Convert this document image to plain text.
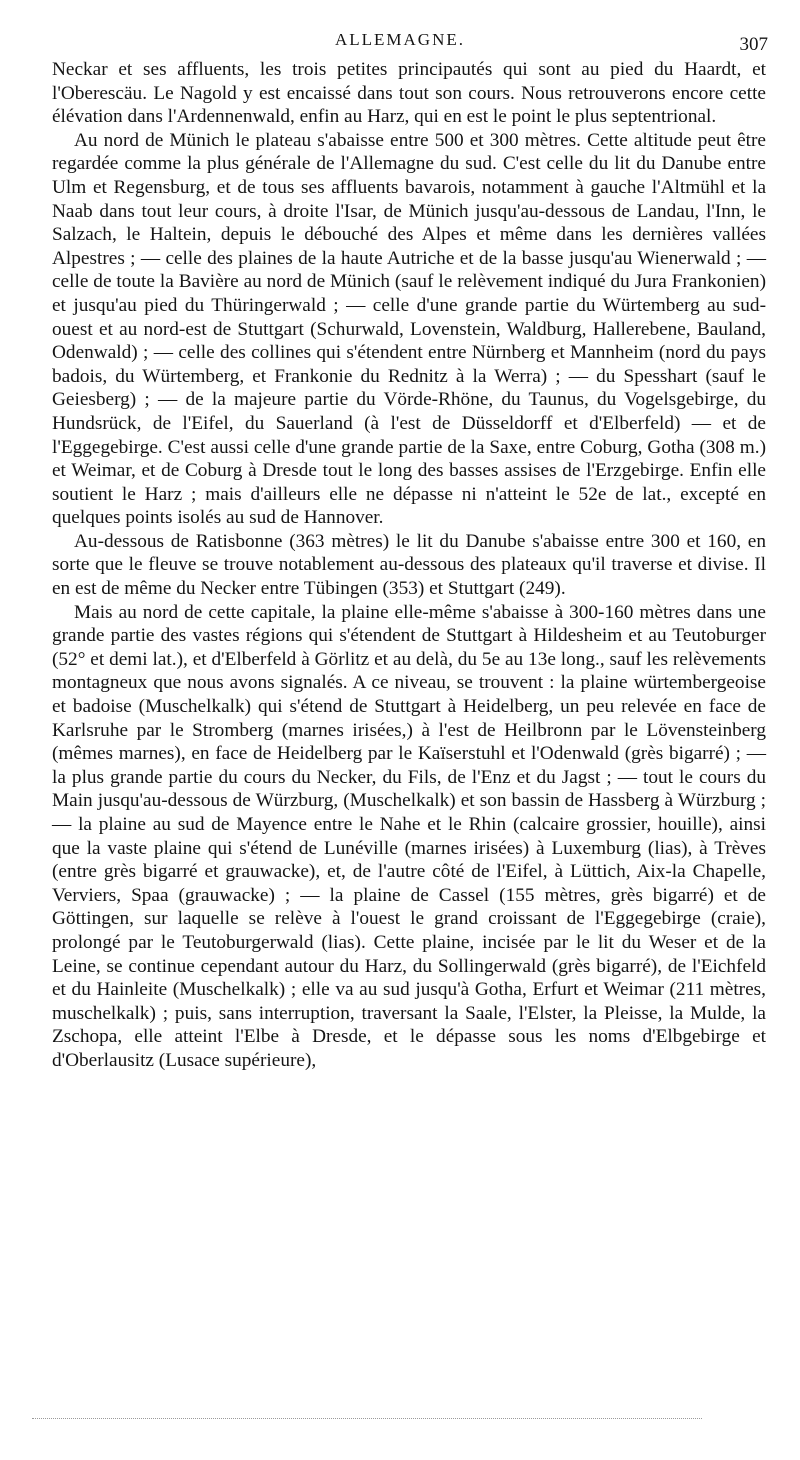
ALLEMAGNE.	307

Neckar et ses affluents, les trois petites principautés qui sont au pied du Haardt, et l'Oberescäu. Le Nagold y est encaissé dans tout son cours. Nous retrouverons encore cette élévation dans l'Ardennenwald, enfin au Harz, qui en est le point le plus septentrional.

Au nord de Münich le plateau s'abaisse entre 500 et 300 mètres. Cette altitude peut être regardée comme la plus générale de l'Allemagne du sud. C'est celle du lit du Danube entre Ulm et Regensburg, et de tous ses affluents bavarois, notamment à gauche l'Altmühl et la Naab dans tout leur cours, à droite l'Isar, de Münich jusqu'au-dessous de Landau, l'Inn, le Salzach, le Haltein, depuis le débouché des Alpes et même dans les dernières vallées Alpestres ; — celle des plaines de la haute Autriche et de la basse jusqu'au Wienerwald ; — celle de toute la Bavière au nord de Münich (sauf le relèvement indiqué du Jura Frankonien) et jusqu'au pied du Thüringerwald ; — celle d'une grande partie du Würtemberg au sud-ouest et au nord-est de Stuttgart (Schurwald, Lovenstein, Waldburg, Hallerebene, Bauland, Odenwald) ; — celle des collines qui s'étendent entre Nürnberg et Mannheim (nord du pays badois, du Würtemberg, et Frankonie du Rednitz à la Werra) ; — du Spesshart (sauf le Geiesberg) ; — de la majeure partie du Vörde-Rhöne, du Taunus, du Vogelsgebirge, du Hundsrück, de l'Eifel, du Sauerland (à l'est de Düsseldorff et d'Elberfeld) — et de l'Eggegebirge. C'est aussi celle d'une grande partie de la Saxe, entre Coburg, Gotha (308 m.) et Weimar, et de Coburg à Dresde tout le long des basses assises de l'Erzgebirge. Enfin elle soutient le Harz ; mais d'ailleurs elle ne dépasse ni n'atteint le 52e de lat., excepté en quelques points isolés au sud de Hannover.

Au-dessous de Ratisbonne (363 mètres) le lit du Danube s'abaisse entre 300 et 160, en sorte que le fleuve se trouve notablement au-dessous des plateaux qu'il traverse et divise. Il en est de même du Necker entre Tübingen (353) et Stuttgart (249).

Mais au nord de cette capitale, la plaine elle-même s'abaisse à 300-160 mètres dans une grande partie des vastes régions qui s'étendent de Stuttgart à Hildesheim et au Teutoburger (52° et demi lat.), et d'Elberfeld à Görlitz et au delà, du 5e au 13e long., sauf les relèvements montagneux que nous avons signalés. A ce niveau, se trouvent : la plaine würtembergeoise et badoise (Muschelkalk) qui s'étend de Stuttgart à Heidelberg, un peu relevée en face de Karlsruhe par le Stromberg (marnes irisées,) à l'est de Heilbronn par le Lövensteinberg (mêmes marnes), en face de Heidelberg par le Kaïserstuhl et l'Odenwald (grès bigarré) ; — la plus grande partie du cours du Necker, du Fils, de l'Enz et du Jagst ; — tout le cours du Main jusqu'au-dessous de Würzburg, (Muschelkalk) et son bassin de Hassberg à Würzburg ; — la plaine au sud de Mayence entre le Nahe et le Rhin (calcaire grossier, houille), ainsi que la vaste plaine qui s'étend de Lunéville (marnes irisées) à Luxemburg (lias), à Trèves (entre grès bigarré et grauwacke), et, de l'autre côté de l'Eifel, à Lüttich, Aix-la Chapelle, Verviers, Spaa (grauwacke) ; — la plaine de Cassel (155 mètres, grès bigarré) et de Göttingen, sur laquelle se relève à l'ouest le grand croissant de l'Eggegebirge (craie), prolongé par le Teutoburgerwald (lias). Cette plaine, incisée par le lit du Weser et de la Leine, se continue cependant autour du Harz, du Sollingerwald (grès bigarré), de l'Eichfeld et du Hainleite (Muschelkalk) ; elle va au sud jusqu'à Gotha, Erfurt et Weimar (211 mètres, muschelkalk) ; puis, sans interruption, traversant la Saale, l'Elster, la Pleisse, la Mulde, la Zschopa, elle atteint l'Elbe à Dresde, et le dépasse sous les noms d'Elbgebirge et d'Oberlausitz (Lusace supérieure),
